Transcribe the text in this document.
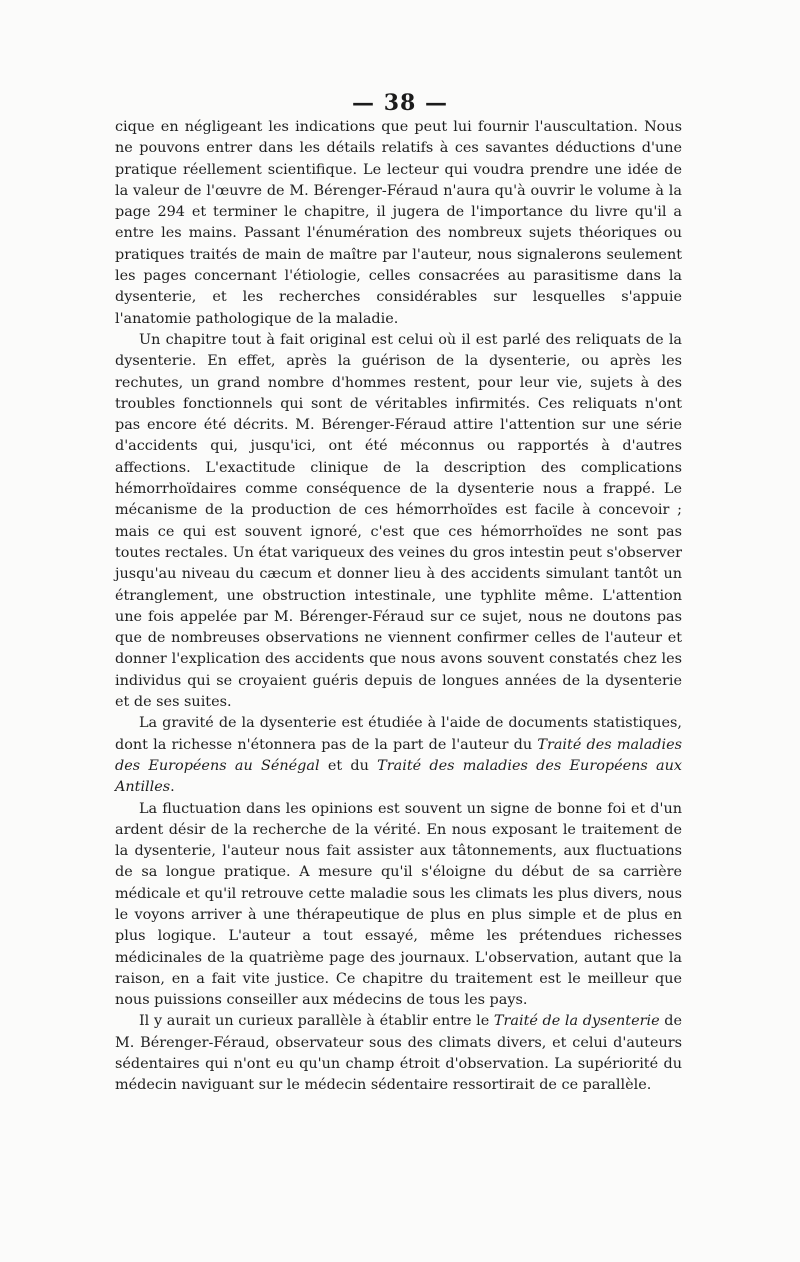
— 38 —

cique en négligeant les indications que peut lui fournir l'auscultation. Nous ne pouvons entrer dans les détails relatifs à ces savantes déductions d'une pratique réellement scientifique. Le lecteur qui voudra prendre une idée de la valeur de l'œuvre de M. Bérenger-Féraud n'aura qu'à ouvrir le volume à la page 294 et terminer le chapitre, il jugera de l'importance du livre qu'il a entre les mains. Passant l'énumération des nombreux sujets théoriques ou pratiques traités de main de maître par l'auteur, nous signalerons seulement les pages concernant l'étiologie, celles consacrées au parasitisme dans la dysenterie, et les recherches considérables sur lesquelles s'appuie l'anatomie pathologique de la maladie.

Un chapitre tout à fait original est celui où il est parlé des reliquats de la dysenterie. En effet, après la guérison de la dysenterie, ou après les rechutes, un grand nombre d'hommes restent, pour leur vie, sujets à des troubles fonctionnels qui sont de véritables infirmités. Ces reliquats n'ont pas encore été décrits. M. Bérenger-Féraud attire l'attention sur une série d'accidents qui, jusqu'ici, ont été méconnus ou rapportés à d'autres affections. L'exactitude clinique de la description des complications hémorrhoïdaires comme conséquence de la dysenterie nous a frappé. Le mécanisme de la production de ces hémorrhoïdes est facile à concevoir ; mais ce qui est souvent ignoré, c'est que ces hémorrhoïdes ne sont pas toutes rectales. Un état variqueux des veines du gros intestin peut s'observer jusqu'au niveau du cæcum et donner lieu à des accidents simulant tantôt un étranglement, une obstruction intestinale, une typhlite même. L'attention une fois appelée par M. Bérenger-Féraud sur ce sujet, nous ne doutons pas que de nombreuses observations ne viennent confirmer celles de l'auteur et donner l'explication des accidents que nous avons souvent constatés chez les individus qui se croyaient guéris depuis de longues années de la dysenterie et de ses suites.

La gravité de la dysenterie est étudiée à l'aide de documents statistiques, dont la richesse n'étonnera pas de la part de l'auteur du Traité des maladies des Européens au Sénégal et du Traité des maladies des Européens aux Antilles.

La fluctuation dans les opinions est souvent un signe de bonne foi et d'un ardent désir de la recherche de la vérité. En nous exposant le traitement de la dysenterie, l'auteur nous fait assister aux tâtonnements, aux fluctuations de sa longue pratique. A mesure qu'il s'éloigne du début de sa carrière médicale et qu'il retrouve cette maladie sous les climats les plus divers, nous le voyons arriver à une thérapeutique de plus en plus simple et de plus en plus logique. L'auteur a tout essayé, même les prétendues richesses médicinales de la quatrième page des journaux. L'observation, autant que la raison, en a fait vite justice. Ce chapitre du traitement est le meilleur que nous puissions conseiller aux médecins de tous les pays.

Il y aurait un curieux parallèle à établir entre le Traité de la dysenterie de M. Bérenger-Féraud, observateur sous des climats divers, et celui d'auteurs sédentaires qui n'ont eu qu'un champ étroit d'observation. La supériorité du médecin naviguant sur le médecin sédentaire ressortirait de ce parallèle.
